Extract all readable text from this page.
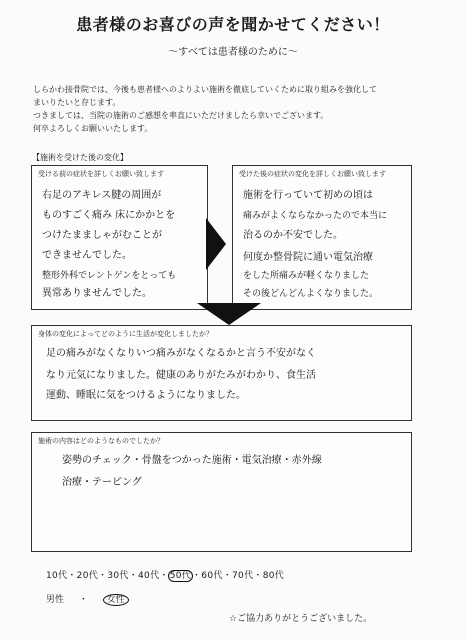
患者様のお喜びの声を聞かせてください！
～すべては患者様のために～
しらかわ接骨院では、今後も患者様へのよりよい施術を徹底していくために取り組みを強化して
まいりたいと存じます。
つきましては、当院の施術のご感想を率直にいただけましたら幸いでございます。
何卒よろしくお願いいたします。
【施術を受けた後の変化】
受ける前の症状を詳しくお願い致します
右足のアキレス腱の周囲が
ものすごく痛み 床にかかとを
つけたまましゃがむことが
できませんでした。
整形外科でレントゲンをとっても
異常ありませんでした。
受けた後の症状の変化を詳しくお願い致します
施術を行っていて初めの頃は
痛みがよくならなかったので本当に
治るのか不安でした。
何度か整骨院に通い電気治療
をした所痛みが軽くなりました
その後どんどんよくなりました。
身体の変化によってどのように生活が変化しましたか？
足の痛みがなくなりいつ痛みがなくなるかと言う不安がなく
なり元気になりました。健康のありがたみがわかり、食生活
運動、睡眠に気をつけるようになりました。
施術の内容はどのようなものでしたか？
姿勢のチェック・骨盤をつかった施術・電気治療・赤外線
治療・テーピング
10代・20代・30代・40代・50代・60代・70代・80代
男性 ・ 女性
☆ご協力ありがとうございました。
